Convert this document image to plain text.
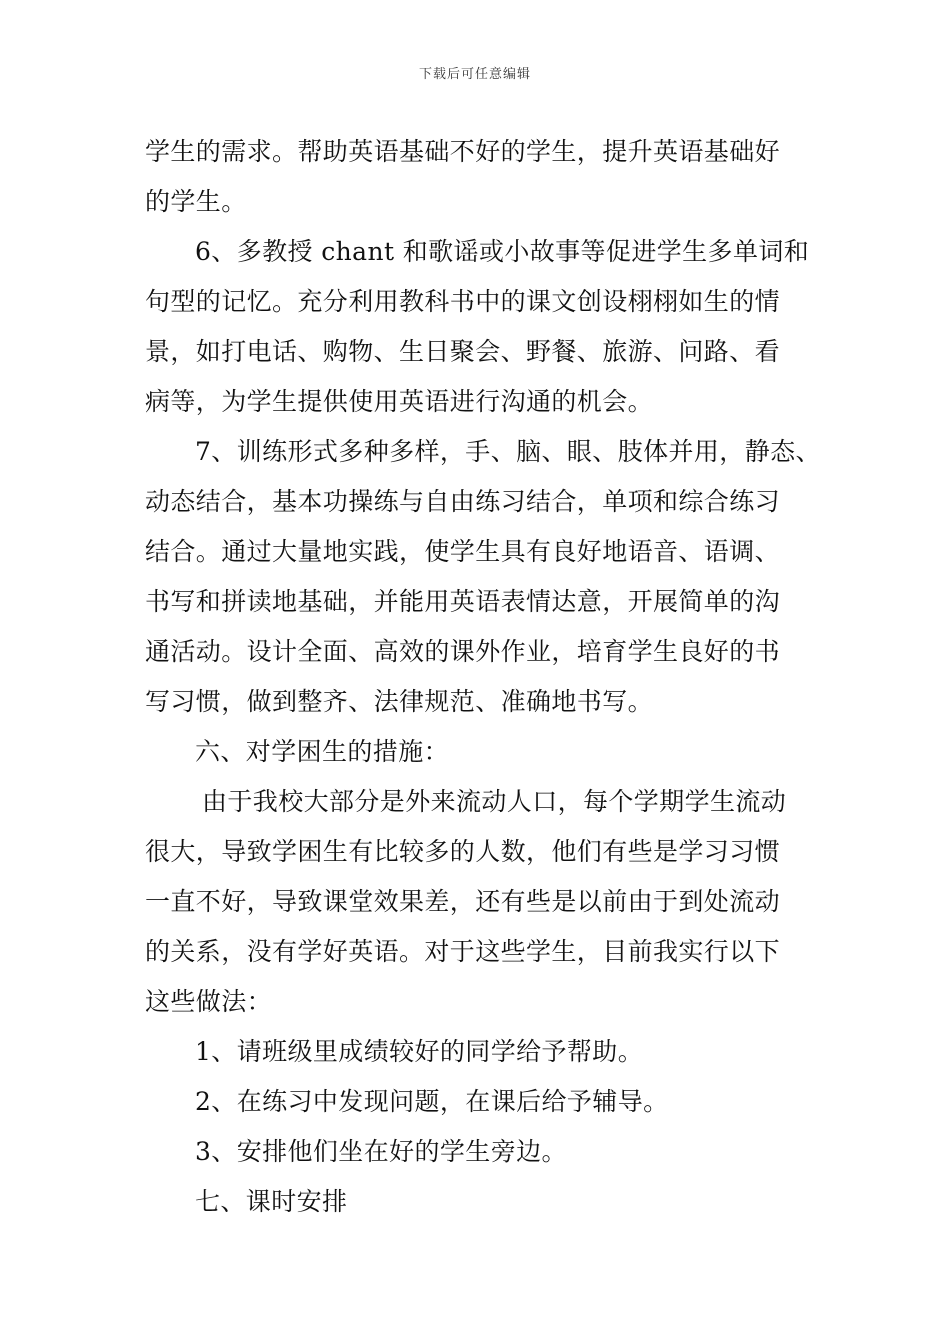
下载后可任意编辑
学生的需求。帮助英语基础不好的学生，提升英语基础好
的学生。
6、多教授 chant 和歌谣或小故事等促进学生多单词和
句型的记忆。充分利用教科书中的课文创设栩栩如生的情
景，如打电话、购物、生日聚会、野餐、旅游、问路、看
病等，为学生提供使用英语进行沟通的机会。
7、训练形式多种多样，手、脑、眼、肢体并用，静态、
动态结合，基本功操练与自由练习结合，单项和综合练习
结合。通过大量地实践，使学生具有良好地语音、语调、
书写和拼读地基础，并能用英语表情达意，开展简单的沟
通活动。设计全面、高效的课外作业，培育学生良好的书
写习惯，做到整齐、法律规范、准确地书写。
六、对学困生的措施：
由于我校大部分是外来流动人口，每个学期学生流动
很大，导致学困生有比较多的人数，他们有些是学习习惯
一直不好，导致课堂效果差，还有些是以前由于到处流动
的关系，没有学好英语。对于这些学生，目前我实行以下
这些做法：
1、请班级里成绩较好的同学给予帮助。
2、在练习中发现问题，在课后给予辅导。
3、安排他们坐在好的学生旁边。
七、课时安排
